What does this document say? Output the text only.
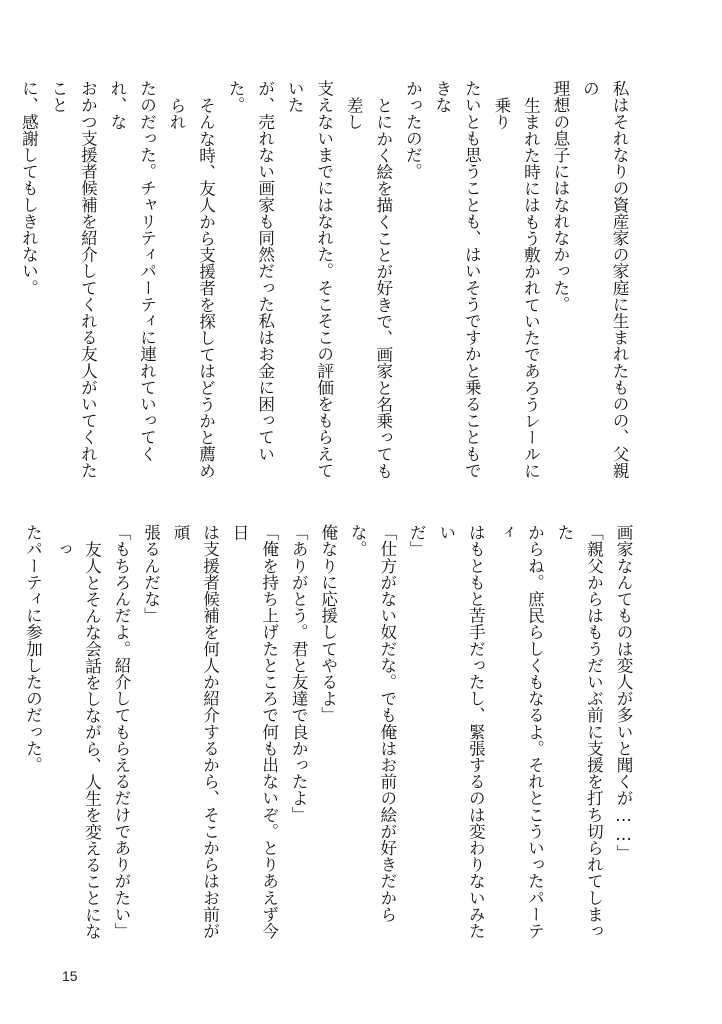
私はそれなりの資産家の家庭に生まれたものの、父親の
理想の息子にはなれなかった。
生まれた時にはもう敷かれていたであろうレールに乗り
たいとも思うことも、はいそうですかと乗ることもできな
かったのだ。
とにかく絵を描くことが好きで、画家と名乗っても差し
支えないまでにはなれた。そこそこの評価をもらえていた
が、売れない画家も同然だった私はお金に困っていた。
そんな時、友人から支援者を探してはどうかと薦められ
たのだった。チャリティパーティに連れていってくれ、な
おかつ支援者候補を紹介してくれる友人がいてくれたこと
に、感謝してもしきれない。
画家なんてものは変人が多いと聞くが……」
「親父からはもうだいぶ前に支援を打ち切られてしまった
からね。庶民らしくもなるよ。それとこういったパーティ
はもともと苦手だったし、緊張するのは変わりないみたい
だ」
「仕方がない奴だな。でも俺はお前の絵が好きだからな。
俺なりに応援してやるよ」
「ありがとう。君と友達で良かったよ」
「俺を持ち上げたところで何も出ないぞ。とりあえず今日
は支援者候補を何人か紹介するから、そこからはお前が頑
張るんだな」
「もちろんだよ。紹介してもらえるだけでありがたい」
友人とそんな会話をしながら、人生を変えることになっ
たパーティに参加したのだった。
15
